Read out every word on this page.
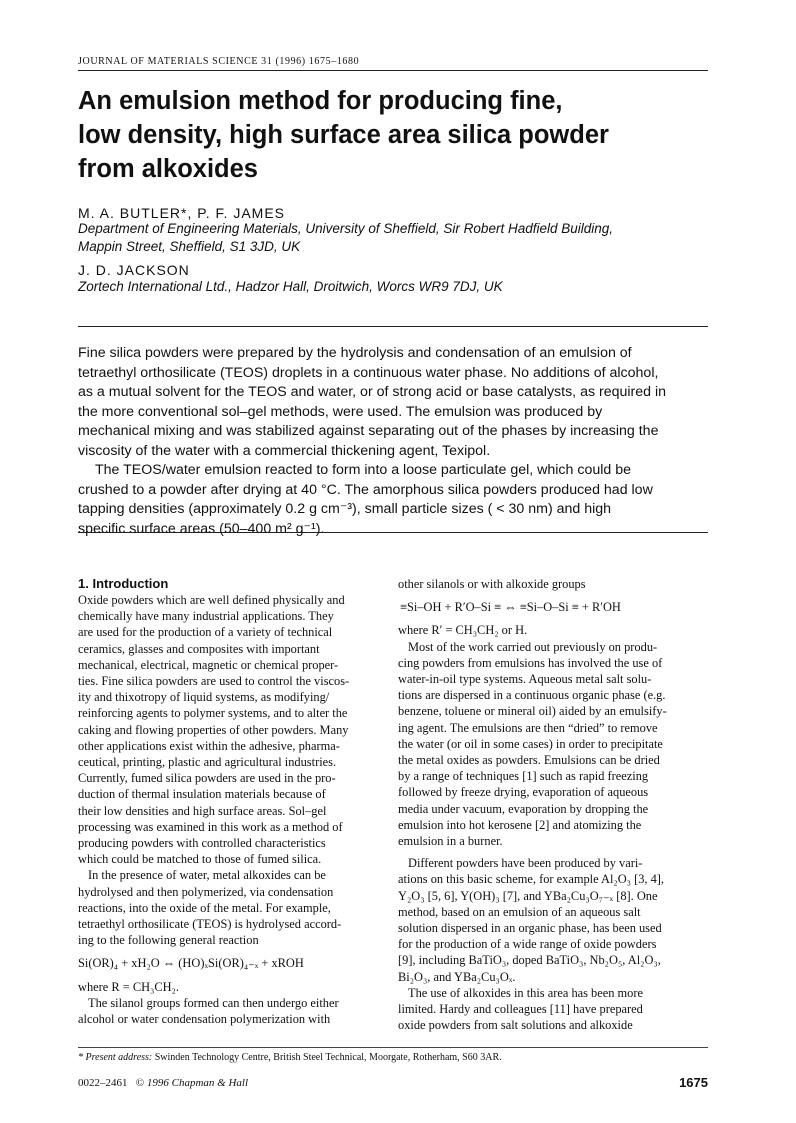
JOURNAL OF MATERIALS SCIENCE 31 (1996) 1675–1680
An emulsion method for producing fine,
low density, high surface area silica powder
from alkoxides
M. A. BUTLER*, P. F. JAMES
Department of Engineering Materials, University of Sheffield, Sir Robert Hadfield Building,
Mappin Street, Sheffield, S1 3JD, UK
J. D. JACKSON
Zortech International Ltd., Hadzor Hall, Droitwich, Worcs WR9 7DJ, UK
Fine silica powders were prepared by the hydrolysis and condensation of an emulsion of
tetraethyl orthosilicate (TEOS) droplets in a continuous water phase. No additions of alcohol,
as a mutual solvent for the TEOS and water, or of strong acid or base catalysts, as required in
the more conventional sol–gel methods, were used. The emulsion was produced by
mechanical mixing and was stabilized against separating out of the phases by increasing the
viscosity of the water with a commercial thickening agent, Texipol.
The TEOS/water emulsion reacted to form into a loose particulate gel, which could be
crushed to a powder after drying at 40 °C. The amorphous silica powders produced had low
tapping densities (approximately 0.2 g cm⁻³), small particle sizes ( < 30 nm) and high
specific surface areas (50–400 m² g⁻¹).
1. Introduction
Oxide powders which are well defined physically and
chemically have many industrial applications. They
are used for the production of a variety of technical
ceramics, glasses and composites with important
mechanical, electrical, magnetic or chemical proper-
ties. Fine silica powders are used to control the viscos-
ity and thixotropy of liquid systems, as modifying/
reinforcing agents to polymer systems, and to alter the
caking and flowing properties of other powders. Many
other applications exist within the adhesive, pharma-
ceutical, printing, plastic and agricultural industries.
Currently, fumed silica powders are used in the pro-
duction of thermal insulation materials because of
their low densities and high surface areas. Sol–gel
processing was examined in this work as a method of
producing powders with controlled characteristics
which could be matched to those of fumed silica.
In the presence of water, metal alkoxides can be
hydrolysed and then polymerized, via condensation
reactions, into the oxide of the metal. For example,
tetraethyl orthosilicate (TEOS) is hydrolysed accord-
ing to the following general reaction
Si(OR)₄ + xH₂O ⇔ (HO)ₓSi(OR)₄₋ₓ + xROH
where R = CH₃CH₂.
The silanol groups formed can then undergo either
alcohol or water condensation polymerization with
other silanols or with alkoxide groups
≡Si–OH + R′O–Si ≡ ⇔ ≡Si–O–Si ≡ + R′OH
where R′ = CH₃CH₂ or H.
Most of the work carried out previously on produ-
cing powders from emulsions has involved the use of
water-in-oil type systems. Aqueous metal salt solu-
tions are dispersed in a continuous organic phase (e.g.
benzene, toluene or mineral oil) aided by an emulsify-
ing agent. The emulsions are then “dried” to remove
the water (or oil in some cases) in order to precipitate
the metal oxides as powders. Emulsions can be dried
by a range of techniques [1] such as rapid freezing
followed by freeze drying, evaporation of aqueous
media under vacuum, evaporation by dropping the
emulsion into hot kerosene [2] and atomizing the
emulsion in a burner.
Different powders have been produced by vari-
ations on this basic scheme, for example Al₂O₃ [3, 4],
Y₂O₃ [5, 6], Y(OH)₃ [7], and YBa₂Cu₃O₇₋ₓ [8]. One
method, based on an emulsion of an aqueous salt
solution dispersed in an organic phase, has been used
for the production of a wide range of oxide powders
[9], including BaTiO₃, doped BaTiO₃, Nb₂O₅, Al₂O₃,
Bi₂O₃, and YBa₂Cu₃Oₓ.
The use of alkoxides in this area has been more
limited. Hardy and colleagues [11] have prepared
oxide powders from salt solutions and alkoxide
* Present address: Swinden Technology Centre, British Steel Technical, Moorgate, Rotherham, S60 3AR.
0022–2461 © 1996 Chapman & Hall	1675
